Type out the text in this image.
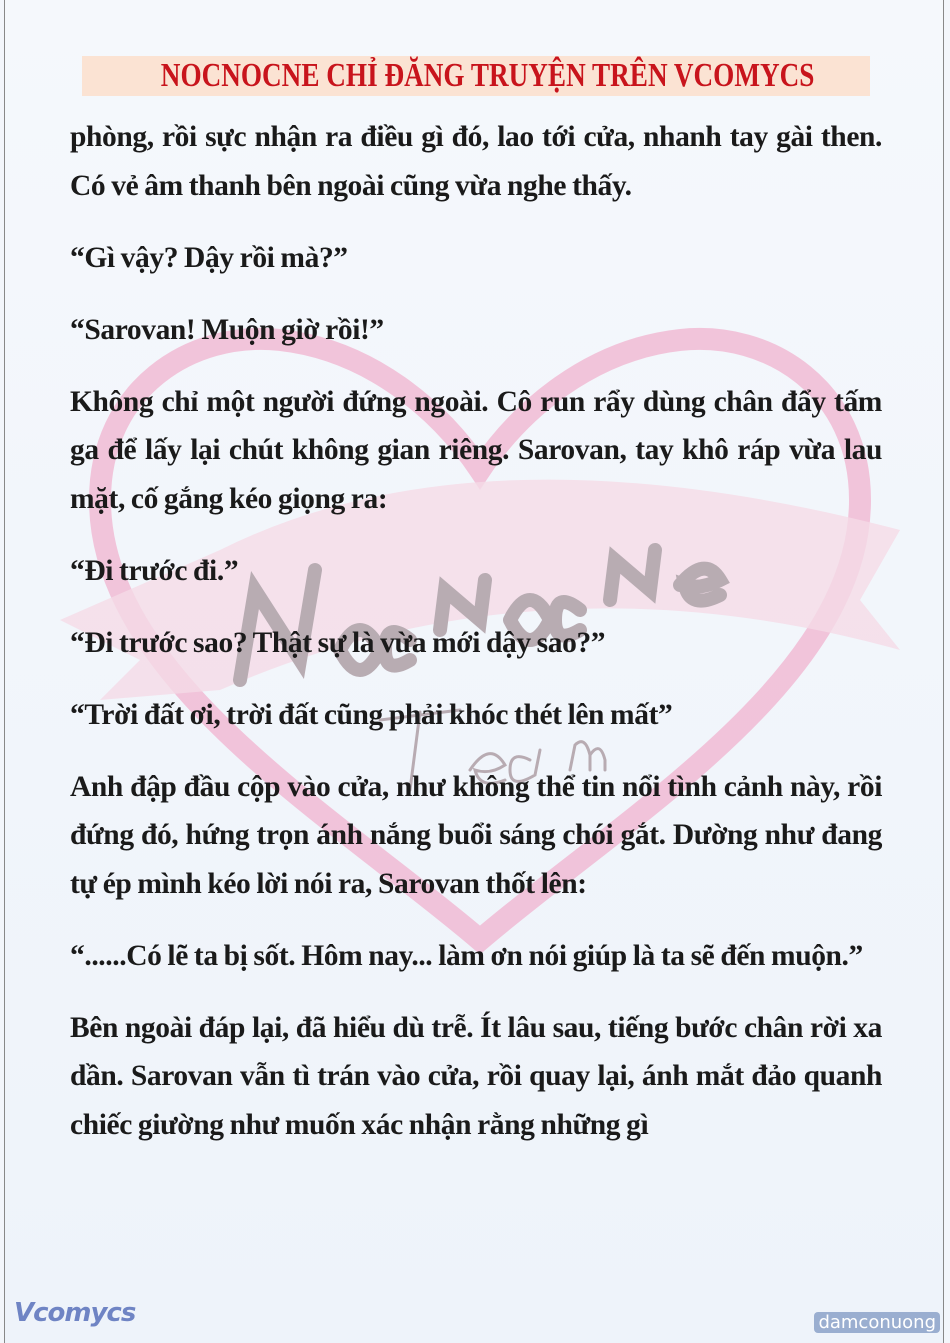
NOCNOCNE CHỈ ĐĂNG TRUYỆN TRÊN VCOMYCS

phòng, rồi sực nhận ra điều gì đó, lao tới cửa, nhanh tay gài then. Có vẻ âm thanh bên ngoài cũng vừa nghe thấy.

“Gì vậy? Dậy rồi mà?”

“Sarovan! Muộn giờ rồi!”

Không chỉ một người đứng ngoài. Cô run rẩy dùng chân đẩy tấm ga để lấy lại chút không gian riêng. Sarovan, tay khô ráp vừa lau mặt, cố gắng kéo giọng ra:

“Đi trước đi.”

“Đi trước sao? Thật sự là vừa mới dậy sao?”

“Trời đất ơi, trời đất cũng phải khóc thét lên mất”

Anh đập đầu cộp vào cửa, như không thể tin nổi tình cảnh này, rồi đứng đó, hứng trọn ánh nắng buổi sáng chói gắt. Dường như đang tự ép mình kéo lời nói ra, Sarovan thốt lên:

“......Có lẽ ta bị sốt. Hôm nay... làm ơn nói giúp là ta sẽ đến muộn.”

Bên ngoài đáp lại, đã hiểu dù trễ. Ít lâu sau, tiếng bước chân rời xa dần. Sarovan vẫn tì trán vào cửa, rồi quay lại, ánh mắt đảo quanh chiếc giường như muốn xác nhận rằng những gì

Vcomycs	damconuong
